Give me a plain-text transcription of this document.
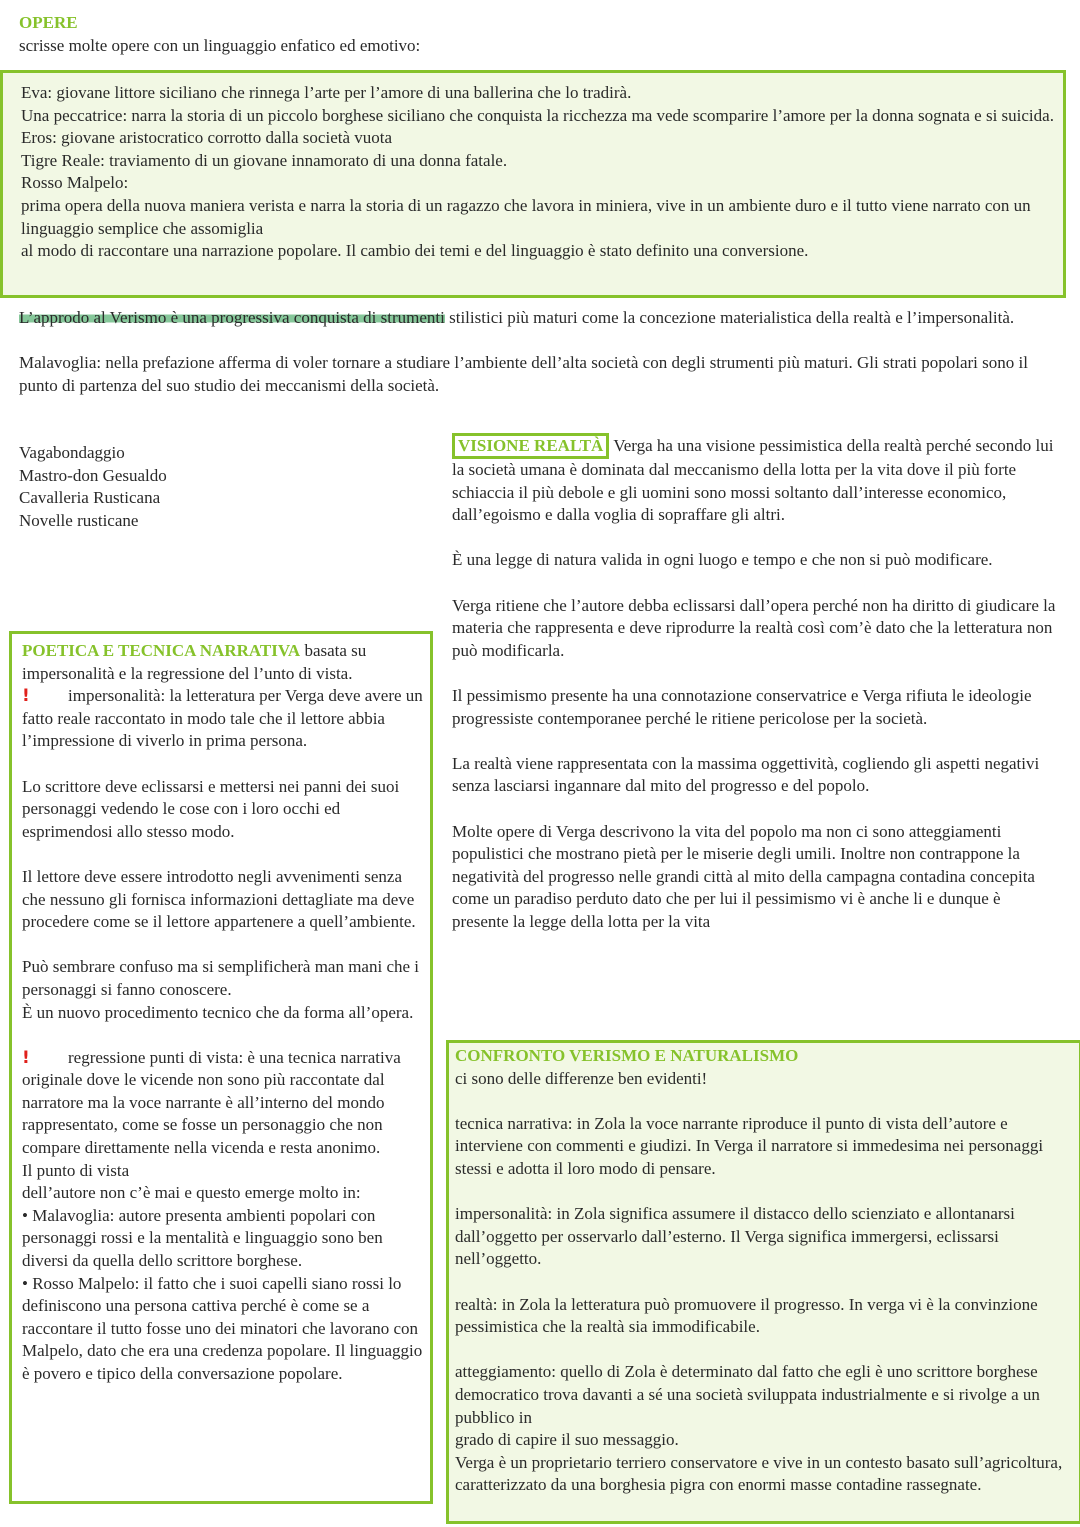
OPERE

scrisse molte opere con un linguaggio enfatico ed emotivo:

Eva: giovane littore siciliano che rinnega l’arte per l’amore di una ballerina che lo tradirà.

Una peccatrice: narra la storia di un piccolo borghese siciliano che conquista la ricchezza ma vede scomparire l’amore per la donna sognata e si suicida.

Eros: giovane aristocratico corrotto dalla società vuota

Tigre Reale: traviamento di un giovane innamorato di una donna fatale.

Rosso Malpelo:

prima opera della nuova maniera verista e narra la storia di un ragazzo che lavora in miniera, vive in un ambiente duro e il tutto viene narrato con un linguaggio semplice che assomiglia

al modo di raccontare una narrazione popolare. Il cambio dei temi e del linguaggio è stato definito una conversione.

L’approdo al Verismo è una progressiva conquista di strumenti stilistici più maturi come la concezione materialistica della realtà e l’impersonalità.

Malavoglia: nella prefazione afferma di voler tornare a studiare l’ambiente dell’alta società con degli strumenti più maturi. Gli strati popolari sono il punto di partenza del suo studio dei meccanismi della società.

Vagabondaggio

Mastro-don Gesualdo

Cavalleria Rusticana

Novelle rusticane

VISIONE REALTÀ Verga ha una visione pessimistica della realtà perché secondo lui la società umana è dominata dal meccanismo della lotta per la vita dove il più forte schiaccia il più debole e gli uomini sono mossi soltanto dall’interesse economico, dall’egoismo e dalla voglia di sopraffare gli altri.

È una legge di natura valida in ogni luogo e tempo e che non si può modificare.

Verga ritiene che l’autore debba eclissarsi dall’opera perché non ha diritto di giudicare la materia che rappresenta e deve riprodurre la realtà così com’è dato che la letteratura non può modificarla.

Il pessimismo presente ha una connotazione conservatrice e Verga rifiuta le ideologie progressiste contemporanee perché le ritiene pericolose per la società.

La realtà viene rappresentata con la massima oggettività, cogliendo gli aspetti negativi senza lasciarsi ingannare dal mito del progresso e del popolo.

Molte opere di Verga descrivono la vita del popolo ma non ci sono atteggiamenti populistici che mostrano pietà per le miserie degli umili. Inoltre non contrappone la negatività del progresso nelle grandi città al mito della campagna contadina concepita come un paradiso perduto dato che per lui il pessimismo vi è anche li e dunque è presente la legge della lotta per la vita

POETICA E TECNICA NARRATIVA basata su impersonalità e la regressione del l’unto di vista.

! impersonalità: la letteratura per Verga deve avere un fatto reale raccontato in modo tale che il lettore abbia l’impressione di viverlo in prima persona.

Lo scrittore deve eclissarsi e mettersi nei panni dei suoi personaggi vedendo le cose con i loro occhi ed esprimendosi allo stesso modo.

Il lettore deve essere introdotto negli avvenimenti senza che nessuno gli fornisca informazioni dettagliate ma deve procedere come se il lettore appartenere a quell’ambiente.

Può sembrare confuso ma si semplificherà man mani che i personaggi si fanno conoscere.

È un nuovo procedimento tecnico che da forma all’opera.

! regressione punti di vista: è una tecnica narrativa originale dove le vicende non sono più raccontate dal narratore ma la voce narrante è all’interno del mondo rappresentato, come se fosse un personaggio che non compare direttamente nella vicenda e resta anonimo.

Il punto di vista

dell’autore non c’è mai e questo emerge molto in:

• Malavoglia: autore presenta ambienti popolari con personaggi rossi e la mentalità e linguaggio sono ben diversi da quella dello scrittore borghese.

• Rosso Malpelo: il fatto che i suoi capelli siano rossi lo definiscono una persona cattiva perché è come se a raccontare il tutto fosse uno dei minatori che lavorano con Malpelo, dato che era una credenza popolare. Il linguaggio è povero e tipico della conversazione popolare.

CONFRONTO VERISMO E NATURALISMO

ci sono delle differenze ben evidenti!

tecnica narrativa: in Zola la voce narrante riproduce il punto di vista dell’autore e interviene con commenti e giudizi. In Verga il narratore si immedesima nei personaggi stessi e adotta il loro modo di pensare.

impersonalità: in Zola significa assumere il distacco dello scienziato e allontanarsi dall’oggetto per osservarlo dall’esterno. Il Verga significa immergersi, eclissarsi nell’oggetto.

realtà: in Zola la letteratura può promuovere il progresso. In verga vi è la convinzione pessimistica che la realtà sia immodificabile.

atteggiamento: quello di Zola è determinato dal fatto che egli è uno scrittore borghese democratico trova davanti a sé una società sviluppata industrialmente e si rivolge a un pubblico in

grado di capire il suo messaggio.

Verga è un proprietario terriero conservatore e vive in un contesto basato sull’agricoltura, caratterizzato da una borghesia pigra con enormi masse contadine rassegnate.
